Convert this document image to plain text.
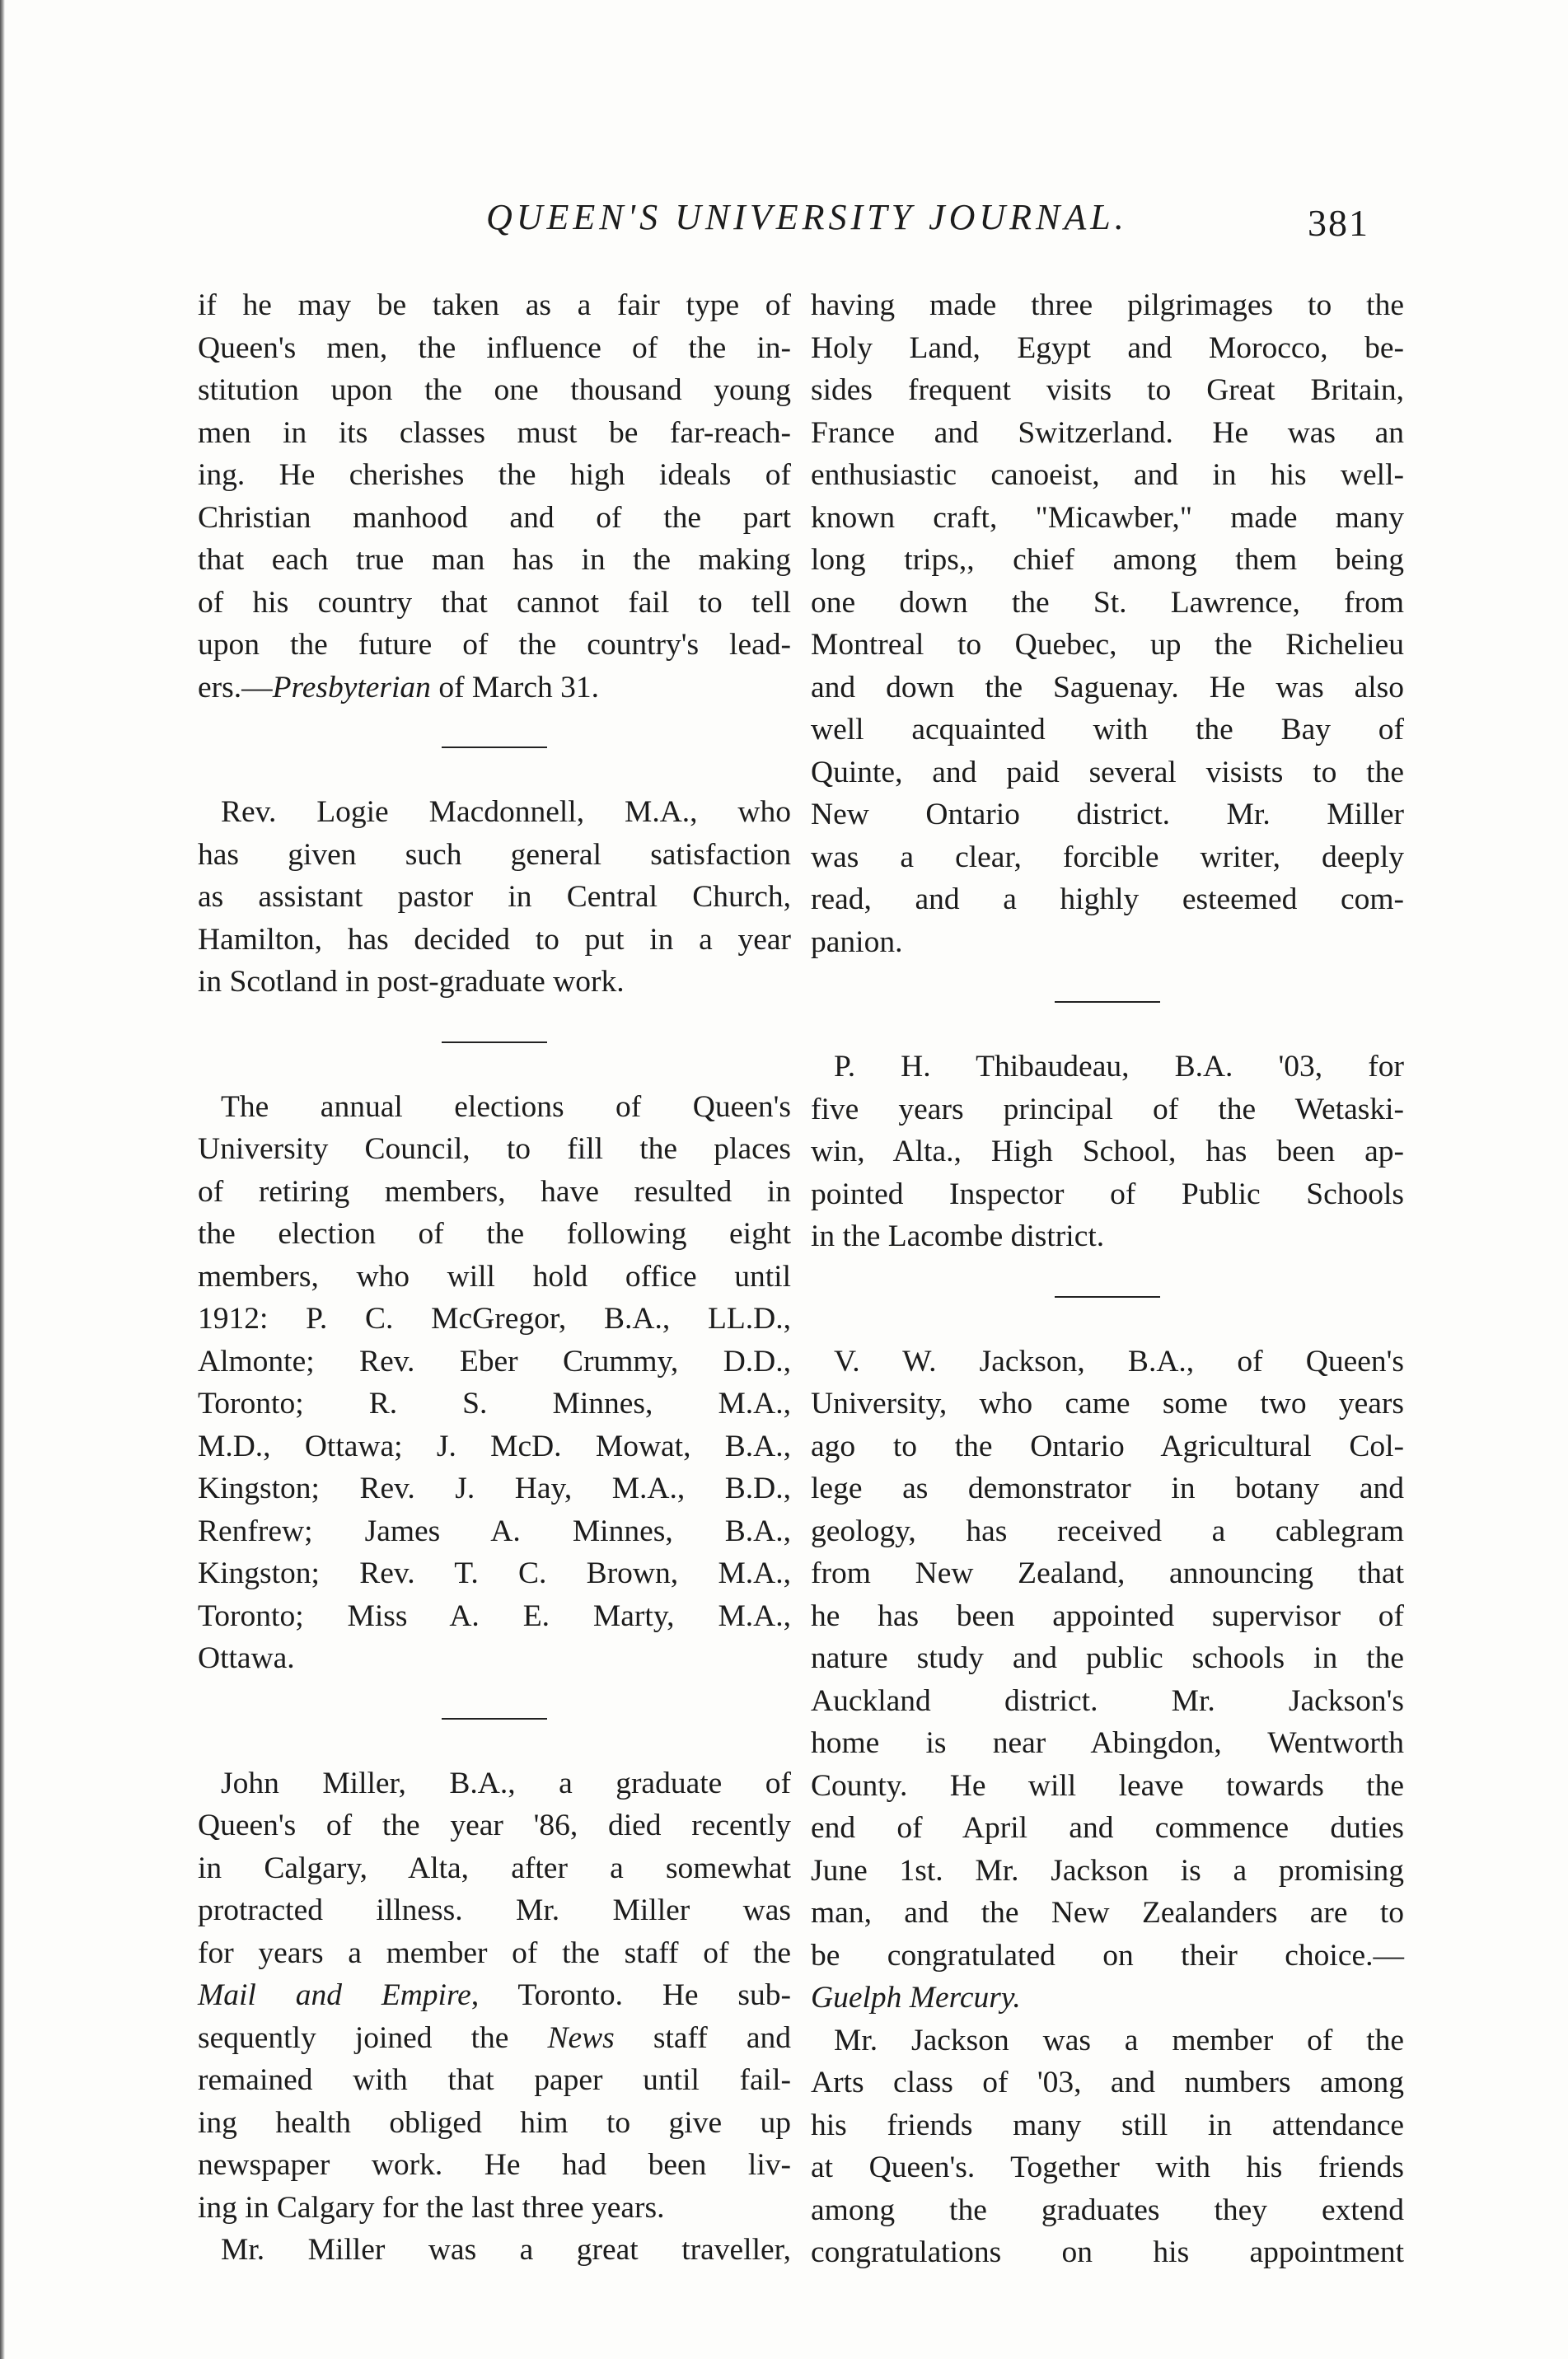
QUEEN'S UNIVERSITY JOURNAL.	381
if he may be taken as a fair type of
Queen's men, the influence of the in-
stitution upon the one thousand young
men in its classes must be far-reach-
ing. He cherishes the high ideals of
Christian manhood and of the part
that each true man has in the making
of his country that cannot fail to tell
upon the future of the country's lead-
ers.—Presbyterian of March 31.
Rev. Logie Macdonnell, M.A., who
has given such general satisfaction
as assistant pastor in Central Church,
Hamilton, has decided to put in a year
in Scotland in post-graduate work.
The annual elections of Queen's
University Council, to fill the places
of retiring members, have resulted in
the election of the following eight
members, who will hold office until
1912: P. C. McGregor, B.A., LL.D.,
Almonte; Rev. Eber Crummy, D.D.,
Toronto; R. S. Minnes, M.A.,
M.D., Ottawa; J. McD. Mowat, B.A.,
Kingston; Rev. J. Hay, M.A., B.D.,
Renfrew; James A. Minnes, B.A.,
Kingston; Rev. T. C. Brown, M.A.,
Toronto; Miss A. E. Marty, M.A.,
Ottawa.
John Miller, B.A., a graduate of
Queen's of the year '86, died recently
in Calgary, Alta, after a somewhat
protracted illness. Mr. Miller was
for years a member of the staff of the
Mail and Empire, Toronto. He sub-
sequently joined the News staff and
remained with that paper until fail-
ing health obliged him to give up
newspaper work. He had been liv-
ing in Calgary for the last three years.
Mr. Miller was a great traveller,
having made three pilgrimages to the
Holy Land, Egypt and Morocco, be-
sides frequent visits to Great Britain,
France and Switzerland. He was an
enthusiastic canoeist, and in his well-
known craft, "Micawber," made many
long trips,, chief among them being
one down the St. Lawrence, from
Montreal to Quebec, up the Richelieu
and down the Saguenay. He was also
well acquainted with the Bay of
Quinte, and paid several visists to the
New Ontario district. Mr. Miller
was a clear, forcible writer, deeply
read, and a highly esteemed com-
panion.
P. H. Thibaudeau, B.A. '03, for
five years principal of the Wetaski-
win, Alta., High School, has been ap-
pointed Inspector of Public Schools
in the Lacombe district.
V. W. Jackson, B.A., of Queen's
University, who came some two years
ago to the Ontario Agricultural Col-
lege as demonstrator in botany and
geology, has received a cablegram
from New Zealand, announcing that
he has been appointed supervisor of
nature study and public schools in the
Auckland district. Mr. Jackson's
home is near Abingdon, Wentworth
County. He will leave towards the
end of April and commence duties
June 1st. Mr. Jackson is a promising
man, and the New Zealanders are to
be congratulated on their choice.—
Guelph Mercury.
Mr. Jackson was a member of the
Arts class of '03, and numbers among
his friends many still in attendance
at Queen's. Together with his friends
among the graduates they extend
congratulations on his appointment
